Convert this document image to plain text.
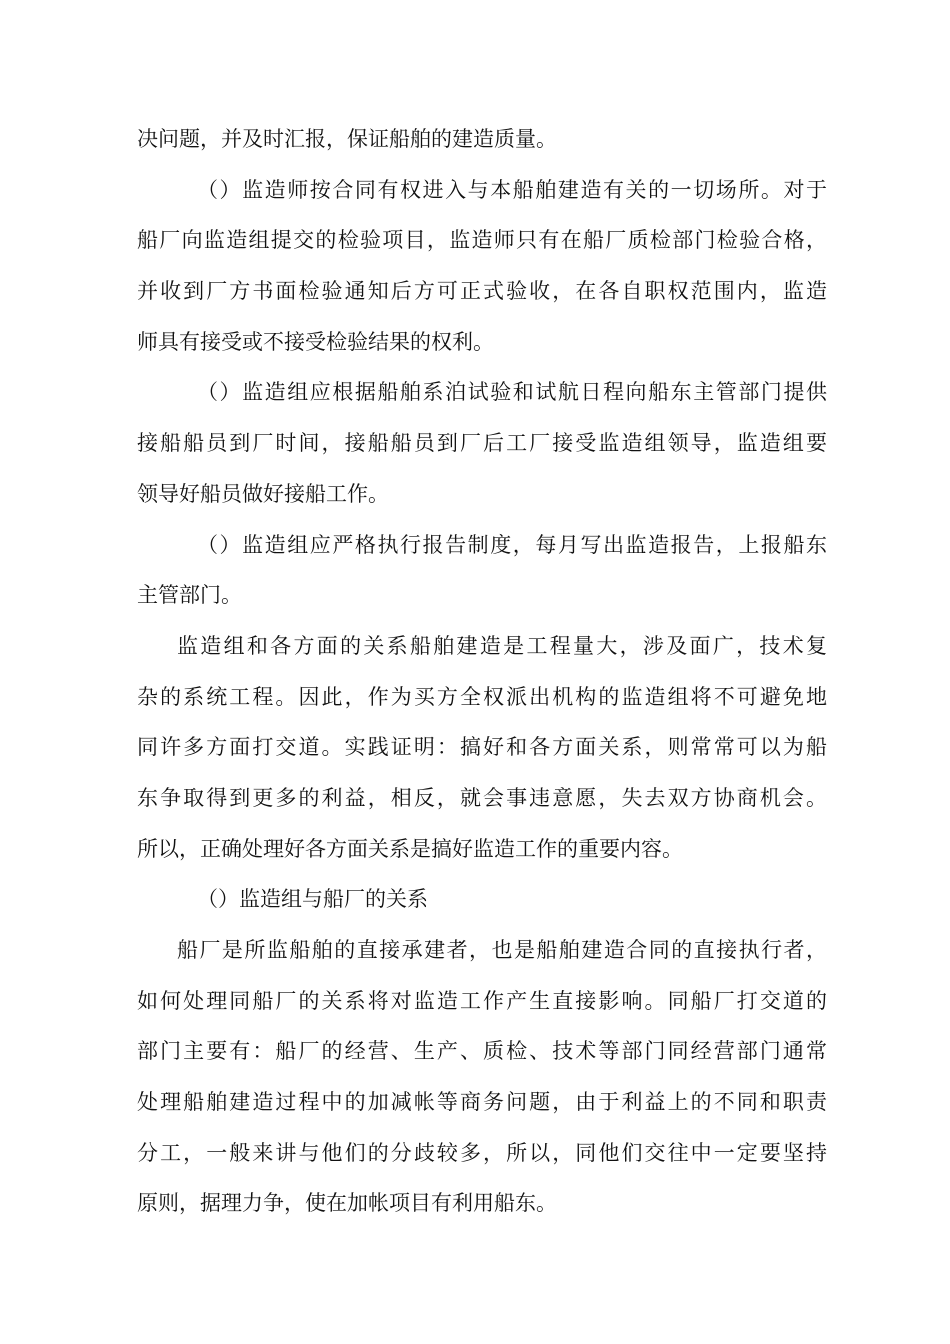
决问题，并及时汇报，保证船舶的建造质量。
（）监造师按合同有权进入与本船舶建造有关的一切场所。对于
船厂向监造组提交的检验项目，监造师只有在船厂质检部门检验合格，
并收到厂方书面检验通知后方可正式验收，在各自职权范围内，监造
师具有接受或不接受检验结果的权利。
（）监造组应根据船舶系泊试验和试航日程向船东主管部门提供
接船船员到厂时间，接船船员到厂后工厂接受监造组领导，监造组要
领导好船员做好接船工作。
（）监造组应严格执行报告制度，每月写出监造报告，上报船东
主管部门。
监造组和各方面的关系船舶建造是工程量大，涉及面广，技术复
杂的系统工程。因此，作为买方全权派出机构的监造组将不可避免地
同许多方面打交道。实践证明：搞好和各方面关系，则常常可以为船
东争取得到更多的利益，相反，就会事违意愿，失去双方协商机会。
所以，正确处理好各方面关系是搞好监造工作的重要内容。
（）监造组与船厂的关系
船厂是所监船舶的直接承建者，也是船舶建造合同的直接执行者，
如何处理同船厂的关系将对监造工作产生直接影响。同船厂打交道的
部门主要有：船厂的经营、生产、质检、技术等部门同经营部门通常
处理船舶建造过程中的加减帐等商务问题，由于利益上的不同和职责
分工，一般来讲与他们的分歧较多，所以，同他们交往中一定要坚持
原则，据理力争，使在加帐项目有利用船东。
